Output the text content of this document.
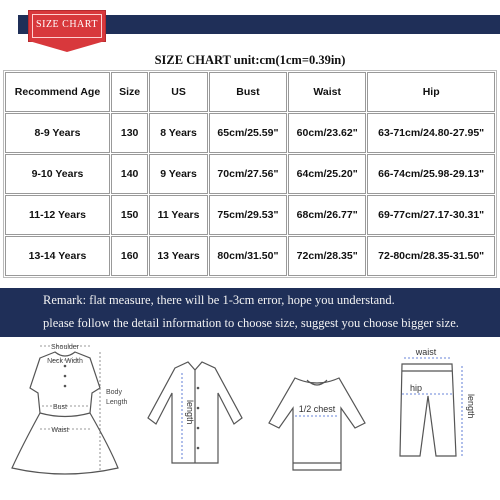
SIZE CHART
SIZE CHART unit:cm(1cm=0.39in)
Recommend Age	Size	US	Bust	Waist	Hip
8-9 Years	130	8 Years	65cm/25.59"	60cm/23.62"	63-71cm/24.80-27.95"
9-10 Years	140	9 Years	70cm/27.56"	64cm/25.20"	66-74cm/25.98-29.13"
11-12 Years	150	11 Years	75cm/29.53"	68cm/26.77"	69-77cm/27.17-30.31"
13-14 Years	160	13 Years	80cm/31.50"	72cm/28.35"	72-80cm/28.35-31.50"
Remark: flat measure, there will be 1-3cm error, hope you understand.
please follow the detail information to choose size, suggest you choose bigger size.
Shoulder
Neck Width
Body
Length
Bust
Waist
length	1/2 chest
waist
hip
length
